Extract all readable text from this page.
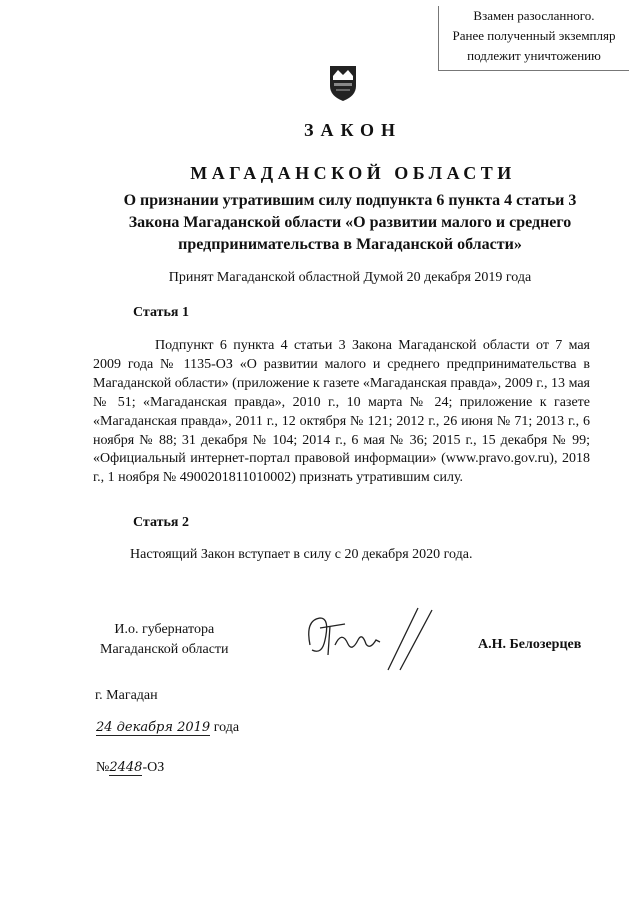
Взамен разосланного.
Ранее полученный экземпляр
подлежит уничтожению
ЗАКОН
МАГАДАНСКОЙ ОБЛАСТИ
О признании утратившим силу подпункта 6 пункта 4 статьи 3 Закона Магаданской области «О развитии малого и среднего предпринимательства в Магаданской области»
Принят Магаданской областной Думой 20 декабря 2019 года
Статья 1
Подпункт 6 пункта 4 статьи 3 Закона Магаданской области от 7 мая 2009 года № 1135-ОЗ «О развитии малого и среднего предпринимательства в Магаданской области» (приложение к газете «Магаданская правда», 2009 г., 13 мая № 51; «Магаданская правда», 2010 г., 10 марта № 24; приложение к газете «Магаданская правда», 2011 г., 12 октября № 121; 2012 г., 26 июня № 71; 2013 г., 6 ноября № 88; 31 декабря № 104; 2014 г., 6 мая № 36; 2015 г., 15 декабря № 99; «Официальный интернет-портал правовой информации» (www.pravo.gov.ru), 2018 г., 1 ноября № 4900201811010002) признать утратившим силу.
Статья 2
Настоящий Закон вступает в силу с 20 декабря 2020 года.
И.о. губернатора
Магаданской области	А.Н. Белозерцев
г. Магадан
24 декабря 2019 года
№2448-ОЗ
